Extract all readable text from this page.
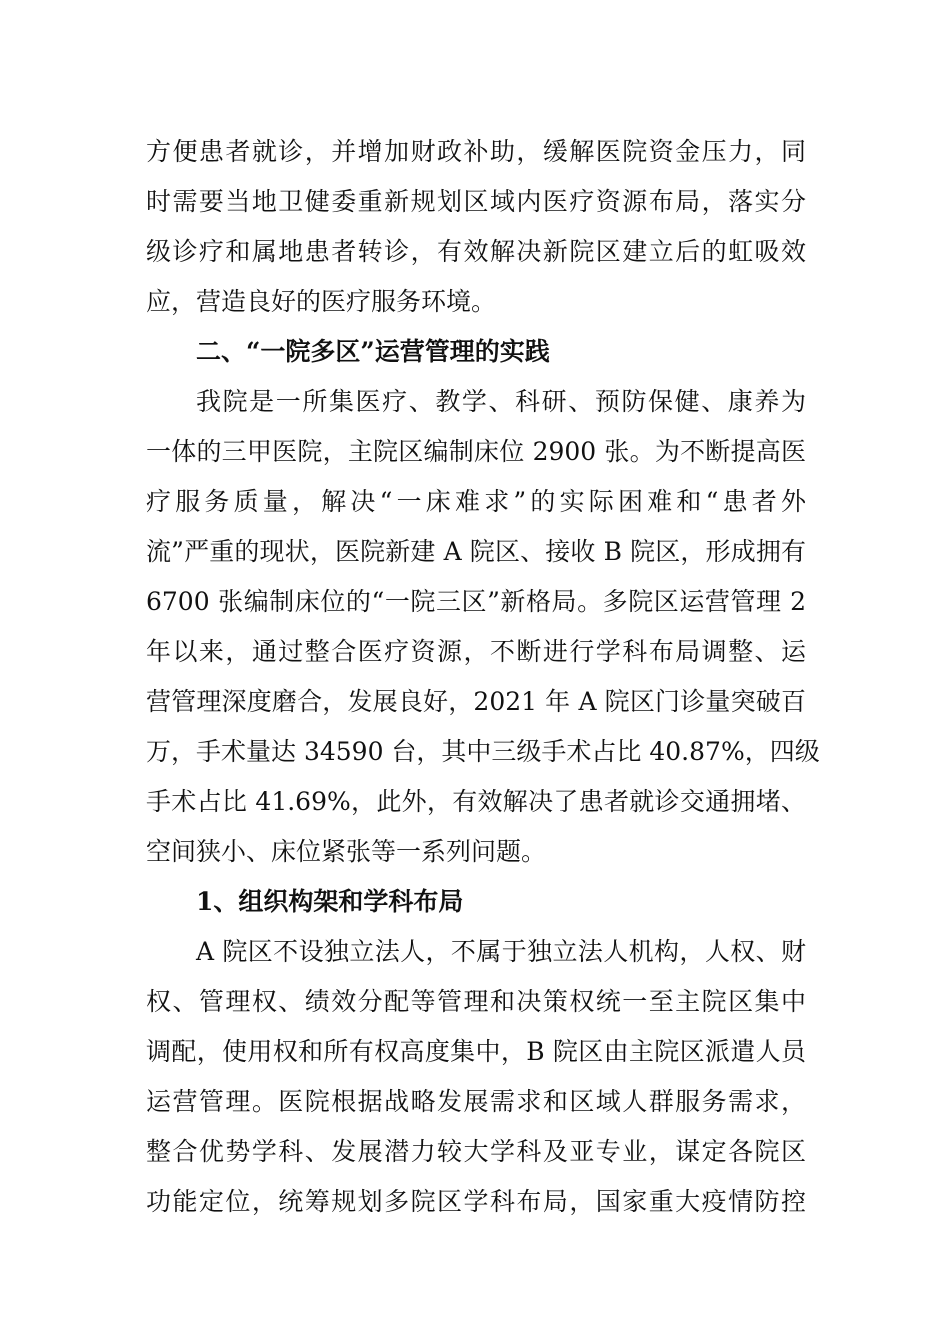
方便患者就诊，并增加财政补助，缓解医院资金压力，同
时需要当地卫健委重新规划区域内医疗资源布局，落实分
级诊疗和属地患者转诊，有效解决新院区建立后的虹吸效
应，营造良好的医疗服务环境。
二、“一院多区”运营管理的实践
我院是一所集医疗、教学、科研、预防保健、康养为
一体的三甲医院，主院区编制床位 2900 张。为不断提高医
疗服务质量，解决“一床难求”的实际困难和“患者外
流”严重的现状，医院新建 A 院区、接收 B 院区，形成拥有
6700 张编制床位的“一院三区”新格局。多院区运营管理 2
年以来，通过整合医疗资源，不断进行学科布局调整、运
营管理深度磨合，发展良好，2021 年 A 院区门诊量突破百
万，手术量达 34590 台，其中三级手术占比 40.87%，四级
手术占比 41.69%，此外，有效解决了患者就诊交通拥堵、
空间狭小、床位紧张等一系列问题。
1、组织构架和学科布局
A 院区不设独立法人，不属于独立法人机构，人权、财
权、管理权、绩效分配等管理和决策权统一至主院区集中
调配，使用权和所有权高度集中，B 院区由主院区派遣人员
运营管理。医院根据战略发展需求和区域人群服务需求，
整合优势学科、发展潜力较大学科及亚专业，谋定各院区
功能定位，统筹规划多院区学科布局，国家重大疫情防控
